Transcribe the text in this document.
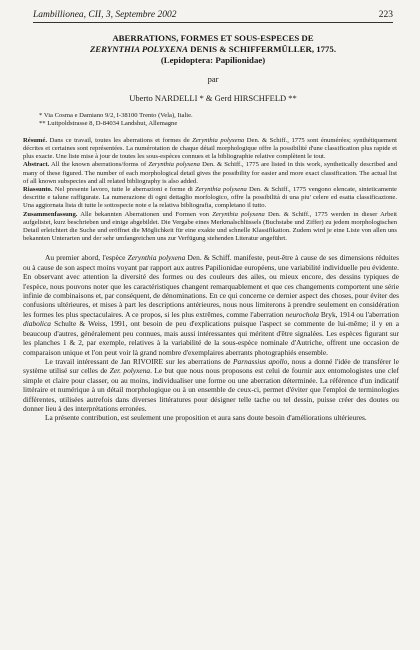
Lambillionea, CII, 3, Septembre 2002	223
ABERRATIONS, FORMES ET SOUS-ESPECES DE
ZERYNTHIA POLYXENA DENIS & SCHIFFERMÜLLER, 1775.
(Lepidoptera: Papilionidae)
par
Uberto NARDELLI * & Gerd HIRSCHFELD **
* Via Cosma e Damiano 9/2, I-38100 Trento (Vela), Italie.
** Luitpoldstrasse 8, D-84034 Landshut, Allemagne

Résumé. Dans ce travail, toutes les aberrations et formes de Zerynthia polyxena Den. & Schiff., 1775 sont énumérées; synthétiquement décrites et certaines sont représentées. La numérotation de chaque détail morphologique offre la possibilité d'une classification plus rapide et plus exacte. Une liste mise à jour de toutes les sous-espèces connues et la bibliographie relative complètent le tout.

Abstract. All the known aberrations/forms of Zerynthia polyxena Den. & Schiff., 1775 are listed in this work, synthetically described and many of these figured. The number of each morphological detail gives the possibility for easier and more exact classification. The actual list of all known subspecies and all related bibliography is also added.

Riassunto. Nel presente lavoro, tutte le aberrazioni e forme di Zerynthia polyxena Den. & Schiff., 1775 vengono elencate, sinteticamente descritte e talune raffigurate. La numerazione di ogni dettaglio morfologico, offre la possibilità di una piu' celere ed esatta classificazione. Una aggiornata lista di tutte le sottospecie note e la relativa bibliografia, completano il tutto.

Zusammenfassung. Alle bekannten Aberrationen und Formen von Zerynthia polyxena Den. & Schiff., 1775 werden in dieser Arbeit aufgelistet, kurz beschrieben und einige abgebildet. Die Vergabe eines Merkmalschlüssels (Buchstabe und Ziffer) zu jedem morphologischen Detail erleichtert die Suche und eröffnet die Möglichkeit für eine exakte und schnelle Klassifikation. Zudem wird je eine Liste von allen uns bekannten Unterarten und der sehr umfangreichen uns zur Verfügung stehenden Literatur angeführt.

Au premier abord, l'espèce Zerynthia polyxena Den. & Schiff. manifeste, peut-être à cause de ses dimensions réduites ou à cause de son aspect moins voyant par rapport aux autres Papilionidae européens, une variabilité individuelle peu évidente. En observant avec attention la diversité des formes ou des couleurs des ailes, ou mieux encore, des dessins typiques de l'espèce, nous pouvons noter que les caractéristiques changent remarquablement et que ces changements comportent une série infinie de combinaisons et, par conséquent, de dénominations. En ce qui concerne ce dernier aspect des choses, pour éviter des confusions ultérieures, et mises à part les descriptions antérieures, nous nous limiterons à prendre seulement en considération les formes les plus spectaculaires. A ce propos, si les plus extrêmes, comme l'aberration neurochola Bryk, 1914 ou l'aberration diabolica Schulte & Weiss, 1991, ont besoin de peu d'explications puisque l'aspect se commente de lui-même; il y en a beaucoup d'autres, généralement peu connues, mais aussi intéressantes qui méritent d'être signalées. Les espèces figurant sur les planches 1 & 2, par exemple, relatives à la variabilité de la sous-espèce nominale d'Autriche, offrent une occasion de comparaison unique et l'on peut voir là grand nombre d'exemplaires aberrants photographiés ensemble.

Le travail intéressant de Jan RIVOIRE sur les aberrations de Parnassius apollo, nous a donné l'idée de transférer le système utilisé sur celles de Zer. polyxena. Le but que nous nous proposons est celui de fournir aux entomologistes une clef simple et claire pour classer, ou au moins, individualiser une forme ou une aberration déterminée. La référence d'un indicatif littéraire et numérique à un détail morphologique ou à un ensemble de ceux-ci, permet d'éviter que l'emploi de terminologies différentes, utilisées autrefois dans diverses littératures pour désigner telle tache ou tel dessin, puisse créer des doutes ou donner lieu à des interprétations erronées.

La présente contribution, est seulement une proposition et aura sans doute besoin d'améliorations ultérieures.
